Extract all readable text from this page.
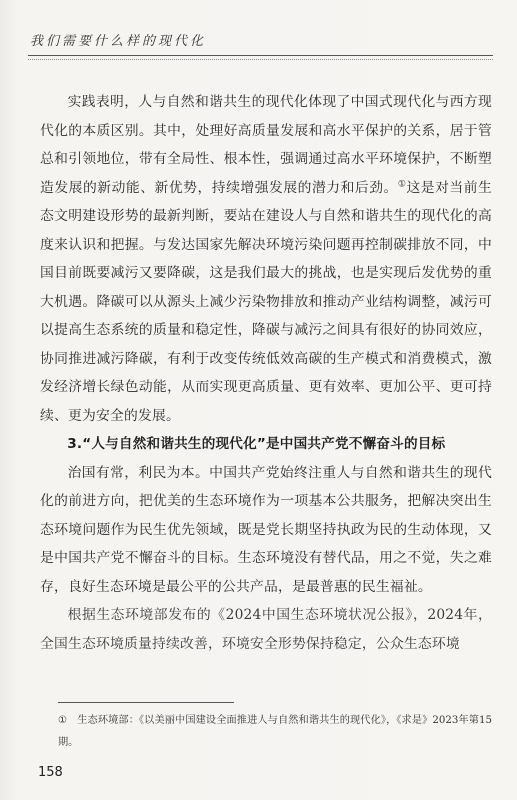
我们需要什么样的现代化

实践表明，人与自然和谐共生的现代化体现了中国式现代化与西方现代化的本质区别。其中，处理好高质量发展和高水平保护的关系，居于管总和引领地位，带有全局性、根本性，强调通过高水平环境保护，不断塑造发展的新动能、新优势，持续增强发展的潜力和后劲。①这是对当前生态文明建设形势的最新判断，要站在建设人与自然和谐共生的现代化的高度来认识和把握。与发达国家先解决环境污染问题再控制碳排放不同，中国目前既要减污又要降碳，这是我们最大的挑战，也是实现后发优势的重大机遇。降碳可以从源头上减少污染物排放和推动产业结构调整，减污可以提高生态系统的质量和稳定性，降碳与减污之间具有很好的协同效应，协同推进减污降碳，有利于改变传统低效高碳的生产模式和消费模式，激发经济增长绿色动能，从而实现更高质量、更有效率、更加公平、更可持续、更为安全的发展。

3.“人与自然和谐共生的现代化”是中国共产党不懈奋斗的目标

治国有常，利民为本。中国共产党始终注重人与自然和谐共生的现代化的前进方向，把优美的生态环境作为一项基本公共服务，把解决突出生态环境问题作为民生优先领域，既是党长期坚持执政为民的生动体现，又是中国共产党不懈奋斗的目标。生态环境没有替代品，用之不觉，失之难存，良好生态环境是最公平的公共产品，是最普惠的民生福祉。

根据生态环境部发布的《2024中国生态环境状况公报》，2024年，全国生态环境质量持续改善，环境安全形势保持稳定，公众生态环境

① 生态环境部：《以美丽中国建设全面推进人与自然和谐共生的现代化》，《求是》2023年第15期。
158
